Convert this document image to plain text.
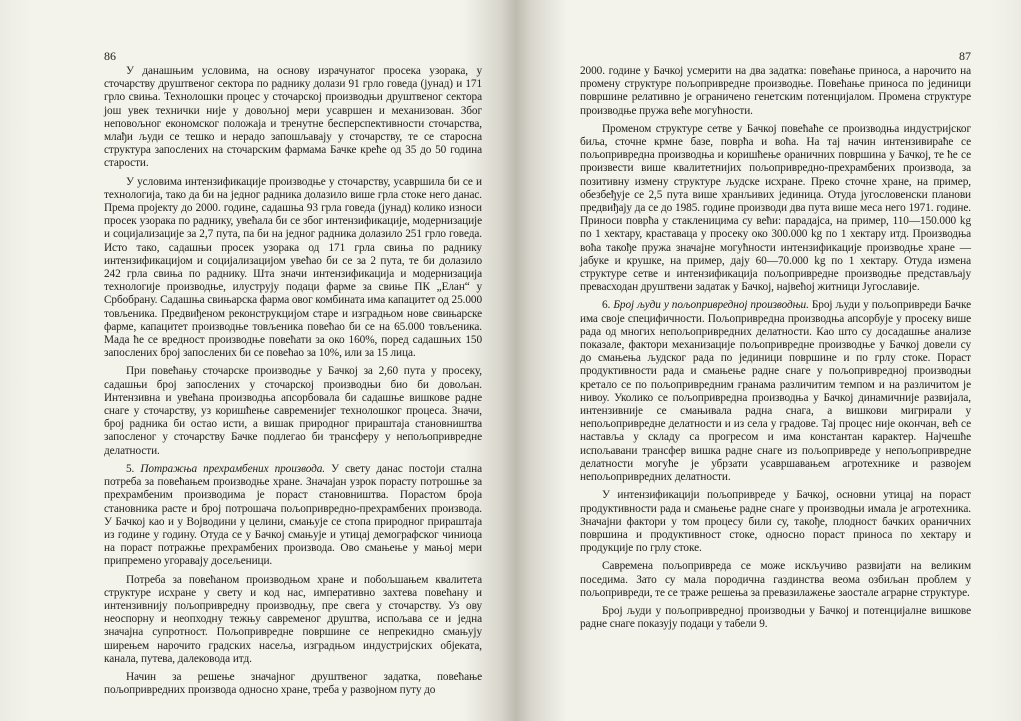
86

У данашњим условима, на основу израчунатог просека узорака, у сточарству друштвеног сектора по раднику долази 91 грло говеда (јунад) и 171 грло свиња. Технолошки процес у сточарској производњи друштвеног сектора још увек технички није у довољној мери усавршен и механизован. Због неповољног економског положаја и тренутне бесперспективности сточарства, млађи људи се тешко и нерадо запошљавају у сточарству, те се старосна структура запослених на сточарским фармама Бачке креће од 35 до 50 година старости.

У условима интензификације производње у сточарству, усавршила би се и технологија, тако да би на једног радника долазило више грла стоке него данас. Према пројекту до 2000. године, садашња 93 грла говеда (јунад) колико износи просек узорака по раднику, увећала би се због интензификације, модернизације и социјализације за 2,7 пута, па би на једног радника долазило 251 грло говеда. Исто тако, садашњи просек узорака од 171 грла свиња по раднику интензификацијом и социјализацијом увећао би се за 2 пута, те би долазило 242 грла свиња по раднику. Шта значи интензификација и модернизација технологије производње, илуструју подаци фарме за свиње ПК „Елан“ у Србобрану. Садашња свињарска фарма овог комбината има капацитет од 25.000 товљеника. Предвиђеном реконструкцијом старе и изградњом нове свињарске фарме, капацитет производње товљеника повећао би се на 65.000 товљеника. Мада ће се вредност производње повећати за око 160%, поред садашњих 150 запослених број запослених би се повећао за 10%, или за 15 лица.

При повећању сточарске производње у Бачкој за 2,60 пута у просеку, садашњи број запослених у сточарској производњи био би довољан. Интензивна и увећана производња апсорбовала би садашње вишкове радне снаге у сточарству, уз коришћење савременијег технолошког процеса. Значи, број радника би остао исти, а вишак природног прираштаја становништва запосленог у сточарству Бачке подлегао би трансферу у непољопривредне делатности.

5. Потражња прехрамбених производа. У свету данас постоји стална потреба за повећањем производње хране. Значајан узрок порасту потрошње за прехрамбеним производима је пораст становништва. Порастом броја становника расте и број потрошача пољопривредно-прехрамбених производа. У Бачкој као и у Војводини у целини, смањује се стопа природног прираштаја из године у годину. Отуда се у Бачкој смањује и утицај демографског чиниоца на пораст потражње прехрамбених производа. Ово смањење у мањој мери припремено угоравају досељеници.

Потреба за повећаном производњом хране и побољшањем квалитета структуре исхране у свету и код нас, императивно захтева повећану и интензивнију пољопривредну производњу, пре свега у сточарству. Уз ову неоспорну и неопходну тежњу савременог друштва, испољава се и једна значајна супротност. Пољопривредне површине се непрекидно смањују ширењем нарочито градских насеља, изградњом индустријских објеката, канала, путева, далековода итд.

Начин за решење значајног друштвеног задатка, повећање пољопривредних производа односно хране, треба у развојном путу до

87

2000. године у Бачкој усмерити на два задатка: повећање приноса, а нарочито на промену структуре пољопривредне производње. Повећање приноса по јединици површине релативно је ограничено генетским потенцијалом. Промена структуре производње пружа веће могућности.

Променом структуре сетве у Бачкој повећаће се производња индустријског биља, сточне крмне базе, поврћа и воћа. На тај начин интензивираће се пољопривредна производња и коришћење ораничних површина у Бачкој, те ће се произвести више квалитетнијих пољопривредно-прехрамбених производа, за позитивну измену структуре људске исхране. Преко сточне хране, на пример, обезбеђује се 2,5 пута више хранљивих јединица. Отуда југословенски планови предвиђају да се до 1985. године производи два пута више меса него 1971. године. Приноси поврћа у стакленицима су већи: парадајса, на пример, 110—150.000 kg по 1 хектару, краставаца у просеку око 300.000 kg по 1 хектару итд. Производња воћа такође пружа значајне могућности интензификације производње хране — јабуке и крушке, на пример, дају 60—70.000 kg по 1 хектару. Отуда измена структуре сетве и интензификација пољопривредне производње представљају превасходан друштвени задатак у Бачкој, највећој житници Југославије.

6. Број људи у пољопривредној производњи. Број људи у пољопривреди Бачке има своје специфичности. Пољопривредна производња апсорбује у просеку више рада од многих непољопривредних делатности. Као што су досадашње анализе показале, фактори механизације пољопривредне производње у Бачкој довели су до смањења људског рада по јединици површине и по грлу стоке. Пораст продуктивности рада и смањење радне снаге у пољопривредној производњи кретало се по пољопривредним гранама различитим темпом и на различитом је нивоу. Уколико се пољопривредна производња у Бачкој динамичније развијала, интензивније се смањивала радна снага, а вишкови мигрирали у непољопривредне делатности и из села у градове. Тај процес није окончан, већ се наставља у складу са прогресом и има константан карактер. Најчешће испољавани трансфер вишка радне снаге из пољопривреде у непољопривредне делатности могуће је убрзати усавршавањем агротехнике и развојем непољопривредних делатности.

У интензификацији пољопривреде у Бачкој, основни утицај на пораст продуктивности рада и смањење радне снаге у производњи имала је агротехника. Значајни фактори у том процесу били су, такође, плодност бачких ораничних површина и продуктивност стоке, односно пораст приноса по хектару и продукције по грлу стоке.

Савремена пољопривреда се може искључиво развијати на великим поседима. Зато су мала породична газдинства веома озбиљан проблем у пољопривреди, те се траже решења за превазилажење заостале аграрне структуре.

Број људи у пољопривредној производњи у Бачкој и потенцијалне вишкове радне снаге показују подаци у табели 9.
